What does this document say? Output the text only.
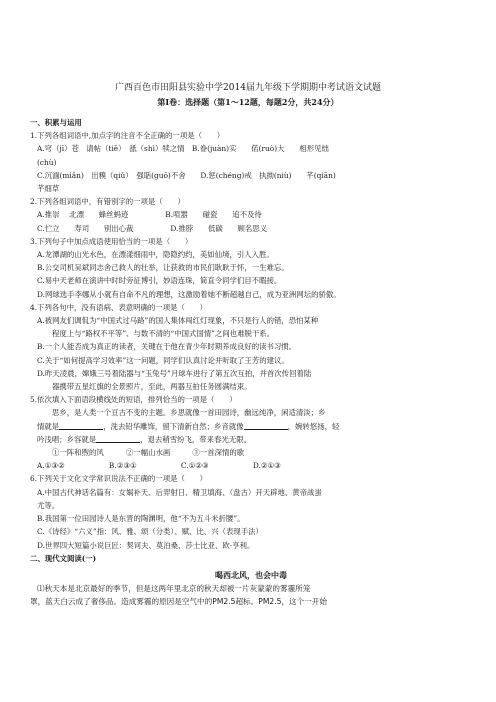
广西百色市田阳县实验中学2014届九年级下学期期中考试语文试题
第Ⅰ卷：选择题（第1～12题，每题2分，共24分）
一、积累与运用
1.下列各组词语中,加点字的注音不全正确的一项是（　　）
A.穹（jī）苍　请帖（tiē）　舐（shì）犊之情　B.眷(juàn)实　　偌(ruò)大　　相形见绌
(chù)
C.沉湎(miǎn)　出糗（qiǔ）　强聒(guō)不舍　　D.惩(chéng)戒　执拗(niù)　　芊(qiān)
芊细草
2.下列各组词语中，有错别字的一项是（　　）
A.推崇　 北漂　　蜂丝蚂迹　　　　　B.喧嚣　　碰瓷　　追不及待
C.伫立　　寿司　　别出心裁　　　　　D.推脖　　低碳　　顾名思义
3.下列句子中加点成语使用恰当的一项是（　　）
A.龙潭湖的山光水色，在漂漾细雨中，隐隐约约，美如仙境，引人入胜。
B.公交司机吴斌同志舍己救人的壮举，让获救的市民们耿耿于怀，一生难忘。
C.易中天老师在演讲中时时旁征博引，妙语连珠，简直令同学们目不暇接。
D.网球选手李娜从小就有自命不凡的理想，这激励着她不断超越自己，成为亚洲网坛的骄傲。
4.下列各句中，没有语病、表意明确的一项是（　　）
A.被网友们调侃为“中国式过马路”的国人集体闯红灯现象，不只是行人的错，恐怕某种
程度上与“路权不平等”、与数不清的“中国式国情”之间也难脱干系。
B.一个人能否成为真正的读者，关键在于他在青少年时期养成良好的读书习惯。
C.关于“如何提高学习效率”这一问题，同学们认真讨论并听取了王芳的建议。
D.昨天凌晨，嫦娥三号着陆器与“玉兔号”月球车进行了第五次互拍，并首次传回着陆
器携带五星红旗的全景照片，至此，两器互拍任务圆满结束。
5.依次填入下面语段横线处的短语，排列恰当的一项是（　　）
思乡，是人类一个亘古不变的主题。乡思就像一首田园诗，幽远纯净，闲适清淡；乡
情就是	，洗去铅华雕饰，留下清新自然；乡音就像	，婉转悠扬，轻
吟浅唱；乡容就是	，退去稍雪纷飞，带来春光无限。
①一阵和煦的风　　　②一幅山水画　　　③一首深情的歌
A.①③②　　　　　　B.②③①　　　　　　C.①②③　　　　　　D.②①③
6.下列关于文化文学常识说法不正确的一项是（　　）
A.中国古代神话名篇有：女娲补天、后羿射日、精卫填海、（盘古）开天辟地、黄帝战蚩
尤等。
B.我国第一位田园诗人是东晋的陶渊明，他“不为五斗米折腰”。
C.《诗经》“六义”指：风、雅、颂（分类）、赋、比、兴（表现手法）
D.世界四大短篇小说巨匠：契诃夫、莫泊桑、莎士比亚、欧·亨利。
二、现代文阅读(一)
喝西北风，也会中毒
⑴秋天本是北京最好的季节，但是这两年里北京的秋天却被一片灰蒙蒙的雾霾所笼
罩，蓝天白云成了奢侈品。造成雾霾的原因是空气中的PM2.5超标。PM2.5，这个一开始
